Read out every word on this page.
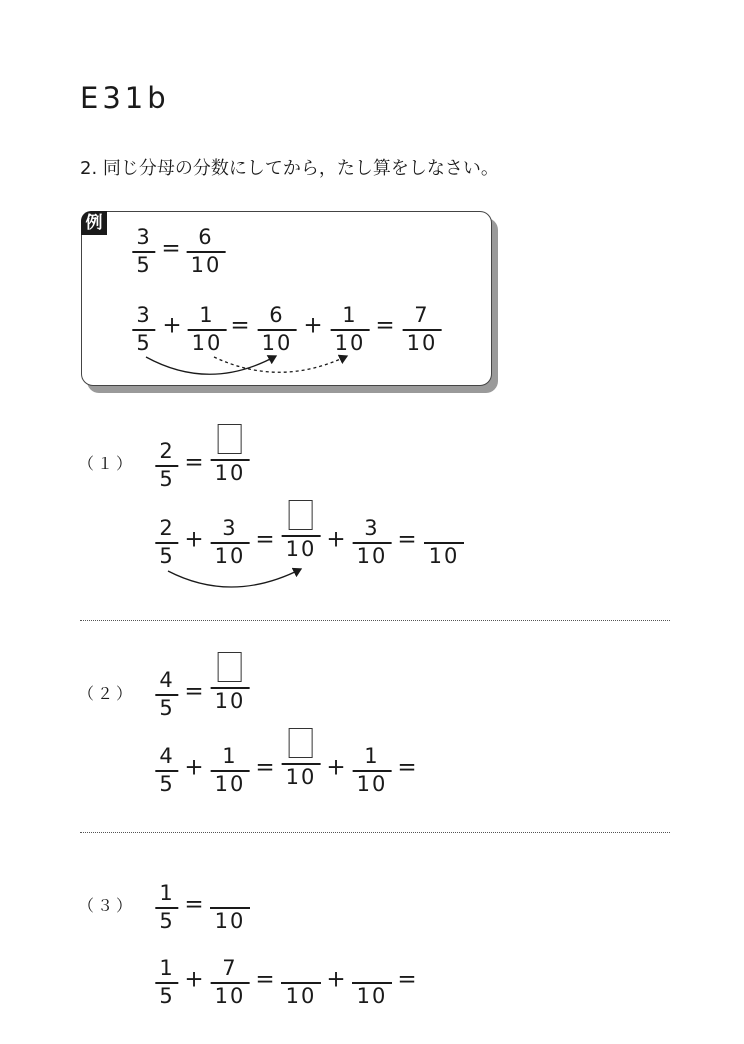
E31b
2. 同じ分母の分数にしてから，たし算をしなさい。
例
3
5
= 6
10
3
5
+ 1
10
= 6
10
+ 1
10
= 7
10
（１）
2
5
= 10
2
5
+ 3
10
= 10 + 3
10
=
10
（２）
4
5
= 10
4
5
+ 1
10
= 10 + 1
10
=
（３）
1
5
=
10
1
5
+ 7
10
=
10
+
10
=
